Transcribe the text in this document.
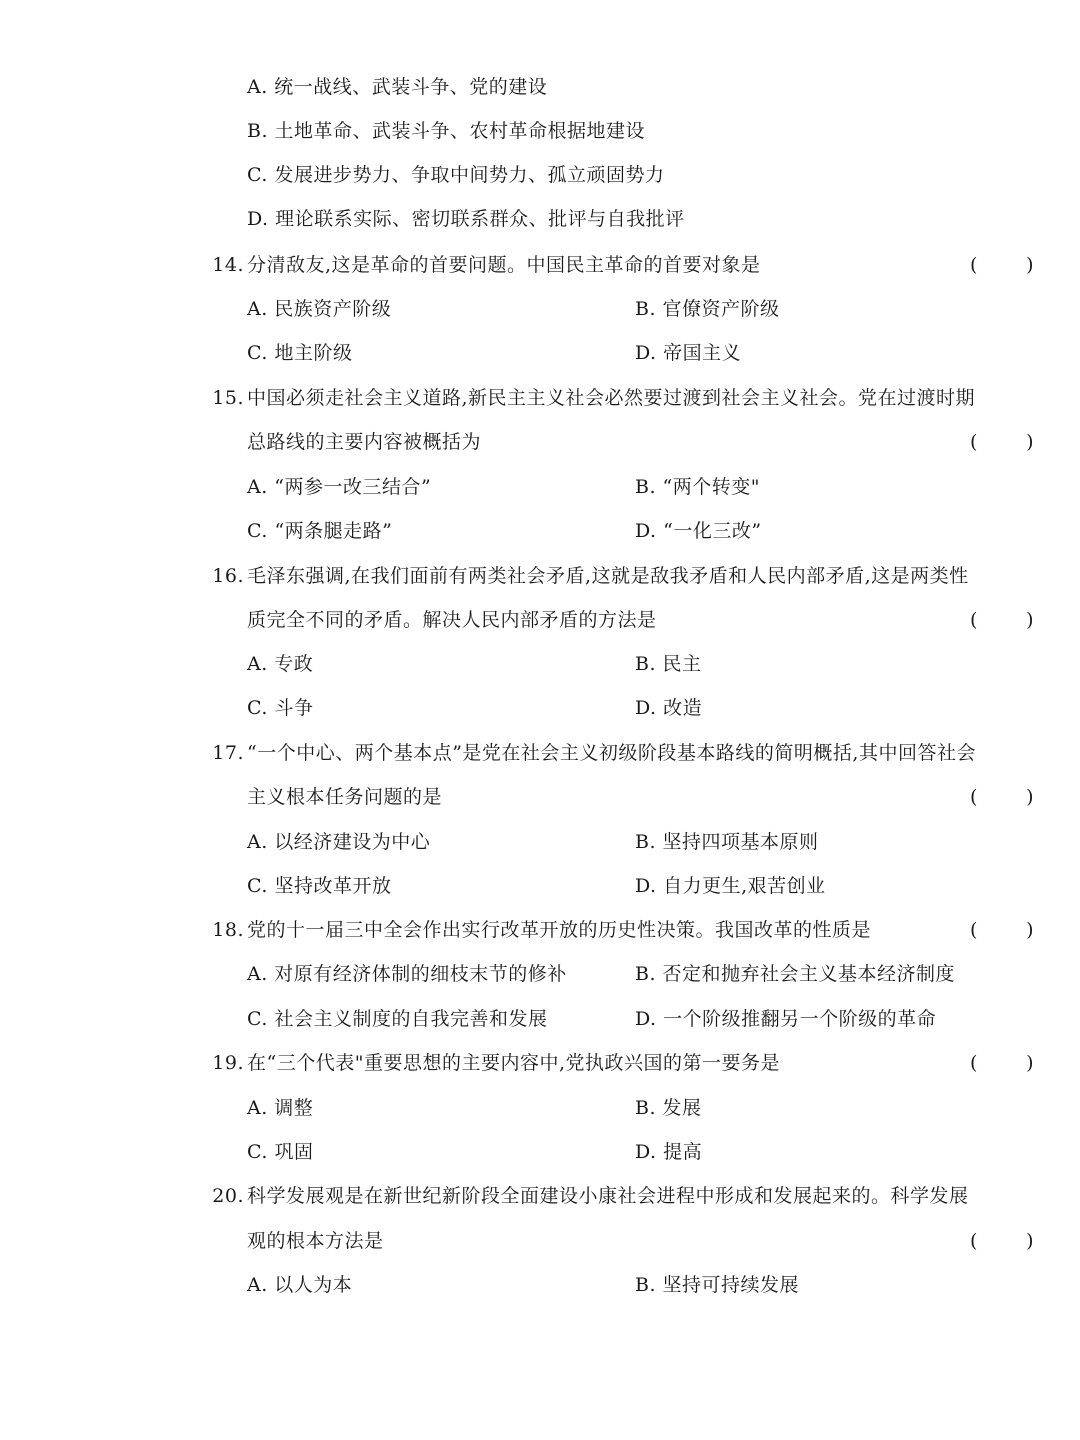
A. 统一战线、武装斗争、党的建设
B. 土地革命、武装斗争、农村革命根据地建设
C. 发展进步势力、争取中间势力、孤立顽固势力
D. 理论联系实际、密切联系群众、批评与自我批评
14. 分清敌友,这是革命的首要问题。中国民主革命的首要对象是	(	)
A. 民族资产阶级	B. 官僚资产阶级
C. 地主阶级	D. 帝国主义
15. 中国必须走社会主义道路,新民主主义社会必然要过渡到社会主义社会。党在过渡时期
总路线的主要内容被概括为	(	)
A. “两参一改三结合”	B. “两个转变"
C. “两条腿走路”	D. “一化三改”
16. 毛泽东强调,在我们面前有两类社会矛盾,这就是敌我矛盾和人民内部矛盾,这是两类性
质完全不同的矛盾。解决人民内部矛盾的方法是	(	)
A. 专政	B. 民主
C. 斗争	D. 改造
17. “一个中心、两个基本点”是党在社会主义初级阶段基本路线的简明概括,其中回答社会
主义根本任务问题的是	(	)
A. 以经济建设为中心	B. 坚持四项基本原则
C. 坚持改革开放	D. 自力更生,艰苦创业
18. 党的十一届三中全会作出实行改革开放的历史性决策。我国改革的性质是	(	)
A. 对原有经济体制的细枝末节的修补	B. 否定和抛弃社会主义基本经济制度
C. 社会主义制度的自我完善和发展	D. 一个阶级推翻另一个阶级的革命
19. 在“三个代表"重要思想的主要内容中,党执政兴国的第一要务是	(	)
A. 调整	B. 发展
C. 巩固	D. 提高
20. 科学发展观是在新世纪新阶段全面建设小康社会进程中形成和发展起来的。科学发展
观的根本方法是	(	)
A. 以人为本	B. 坚持可持续发展
